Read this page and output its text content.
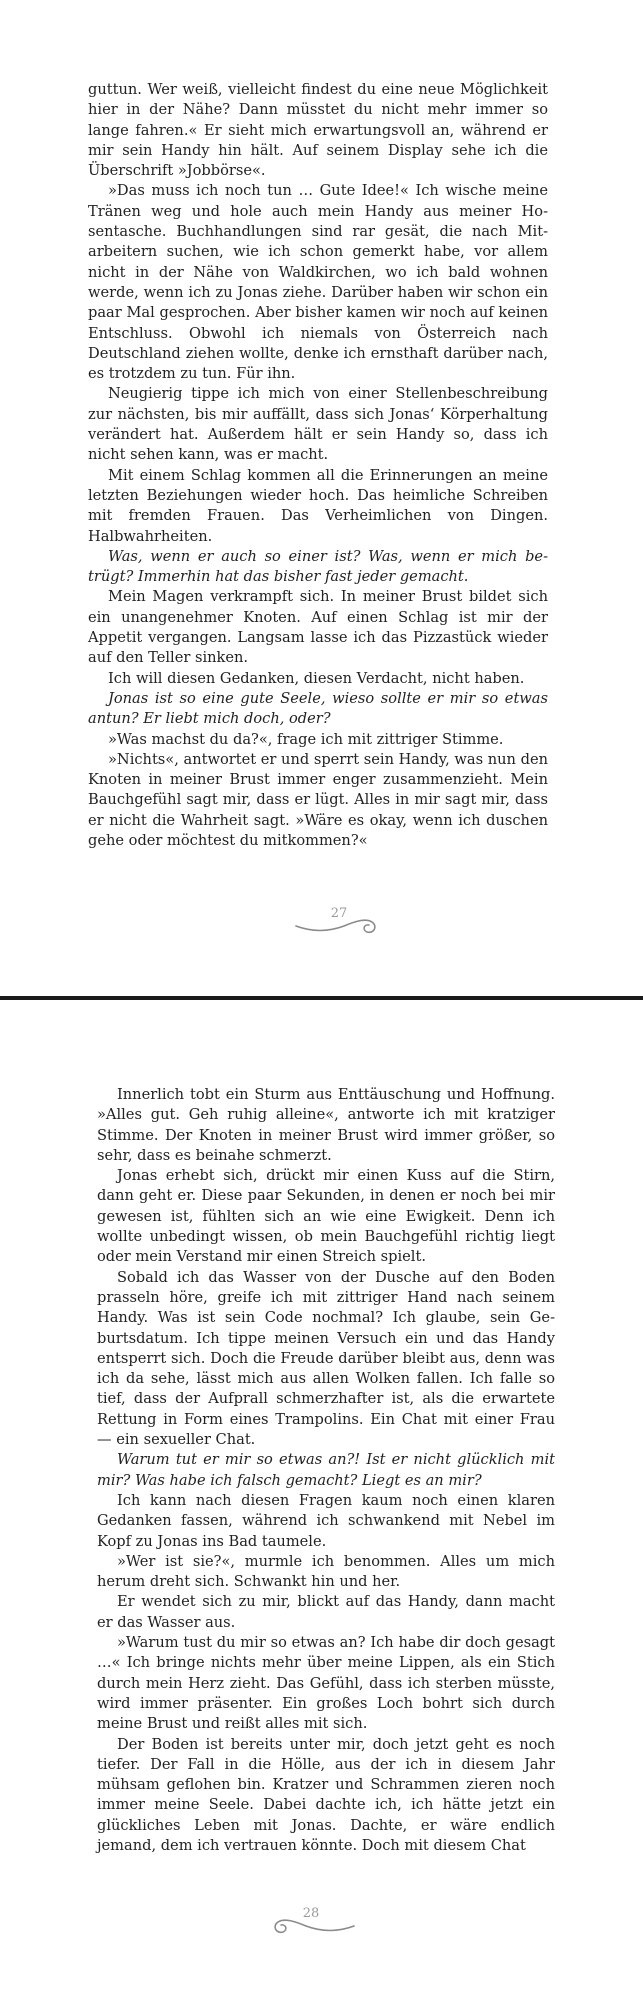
guttun. Wer weiß, vielleicht findest du eine neue Möglichkeit hier in der Nähe? Dann müsstet du nicht mehr immer so lange fahren.« Er sieht mich erwartungsvoll an, während er mir sein Handy hin hält. Auf seinem Display sehe ich die Überschrift »Jobbörse«.

»Das muss ich noch tun … Gute Idee!« Ich wische meine Tränen weg und hole auch mein Handy aus meiner Hosentasche. Buchhandlungen sind rar gesät, die nach Mitarbeitern suchen, wie ich schon gemerkt habe, vor allem nicht in der Nähe von Waldkirchen, wo ich bald wohnen werde, wenn ich zu Jonas ziehe. Darüber haben wir schon ein paar Mal gesprochen. Aber bisher kamen wir noch auf keinen Entschluss. Obwohl ich niemals von Österreich nach Deutschland ziehen wollte, denke ich ernsthaft darüber nach, es trotzdem zu tun. Für ihn.

Neugierig tippe ich mich von einer Stellenbeschreibung zur nächsten, bis mir auffällt, dass sich Jonas‘ Körperhaltung verändert hat. Außerdem hält er sein Handy so, dass ich nicht sehen kann, was er macht.

Mit einem Schlag kommen all die Erinnerungen an meine letzten Beziehungen wieder hoch. Das heimliche Schreiben mit fremden Frauen. Das Verheimlichen von Dingen. Halbwahrheiten.

Was, wenn er auch so einer ist? Was, wenn er mich betrügt? Immerhin hat das bisher fast jeder gemacht.

Mein Magen verkrampft sich. In meiner Brust bildet sich ein unangenehmer Knoten. Auf einen Schlag ist mir der Appetit vergangen. Langsam lasse ich das Pizzastück wieder auf den Teller sinken.

Ich will diesen Gedanken, diesen Verdacht, nicht haben.

Jonas ist so eine gute Seele, wieso sollte er mir so etwas antun? Er liebt mich doch, oder?

»Was machst du da?«, frage ich mit zittriger Stimme.

»Nichts«, antwortet er und sperrt sein Handy, was nun den Knoten in meiner Brust immer enger zusammenzieht. Mein Bauchgefühl sagt mir, dass er lügt. Alles in mir sagt mir, dass er nicht die Wahrheit sagt. »Wäre es okay, wenn ich duschen gehe oder möchtest du mitkommen?«

27

Innerlich tobt ein Sturm aus Enttäuschung und Hoffnung. »Alles gut. Geh ruhig alleine«, antworte ich mit kratziger Stimme. Der Knoten in meiner Brust wird immer größer, so sehr, dass es beinahe schmerzt.

Jonas erhebt sich, drückt mir einen Kuss auf die Stirn, dann geht er. Diese paar Sekunden, in denen er noch bei mir gewesen ist, fühlten sich an wie eine Ewigkeit. Denn ich wollte unbedingt wissen, ob mein Bauchgefühl richtig liegt oder mein Verstand mir einen Streich spielt.

Sobald ich das Wasser von der Dusche auf den Boden prasseln höre, greife ich mit zittriger Hand nach seinem Handy. Was ist sein Code nochmal? Ich glaube, sein Geburtsdatum. Ich tippe meinen Versuch ein und das Handy entsperrt sich. Doch die Freude darüber bleibt aus, denn was ich da sehe, lässt mich aus allen Wolken fallen. Ich falle so tief, dass der Aufprall schmerzhafter ist, als die erwartete Rettung in Form eines Trampolins. Ein Chat mit einer Frau — ein sexueller Chat.

Warum tut er mir so etwas an?! Ist er nicht glücklich mit mir? Was habe ich falsch gemacht? Liegt es an mir?

Ich kann nach diesen Fragen kaum noch einen klaren Gedanken fassen, während ich schwankend mit Nebel im Kopf zu Jonas ins Bad taumele.

»Wer ist sie?«, murmle ich benommen. Alles um mich herum dreht sich. Schwankt hin und her.

Er wendet sich zu mir, blickt auf das Handy, dann macht er das Wasser aus.

»Warum tust du mir so etwas an? Ich habe dir doch gesagt …« Ich bringe nichts mehr über meine Lippen, als ein Stich durch mein Herz zieht. Das Gefühl, dass ich sterben müsste, wird immer präsenter. Ein großes Loch bohrt sich durch meine Brust und reißt alles mit sich.

Der Boden ist bereits unter mir, doch jetzt geht es noch tiefer. Der Fall in die Hölle, aus der ich in diesem Jahr mühsam geflohen bin. Kratzer und Schrammen zieren noch immer meine Seele. Dabei dachte ich, ich hätte jetzt ein glückliches Leben mit Jonas. Dachte, er wäre endlich jemand, dem ich vertrauen könnte. Doch mit diesem Chat

28
